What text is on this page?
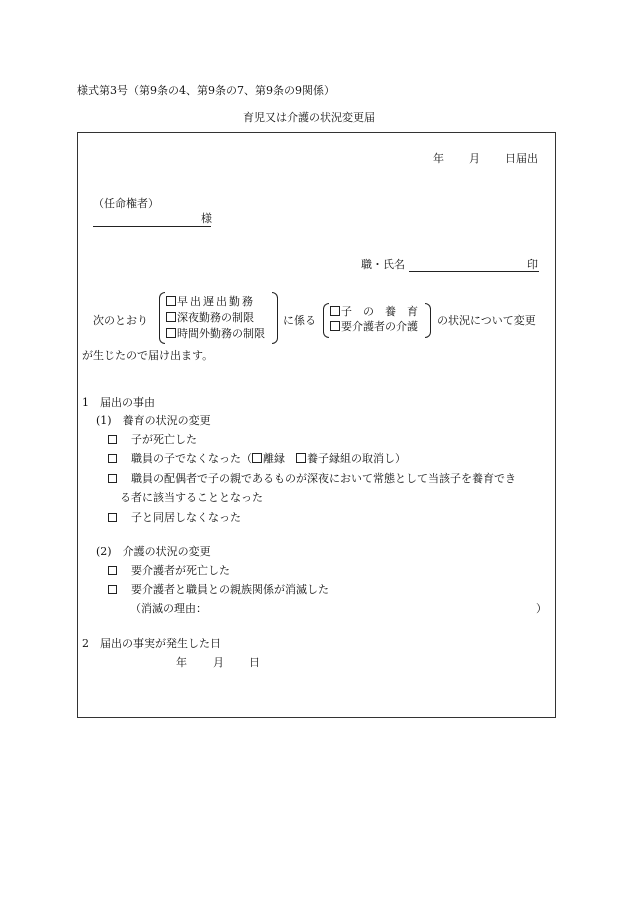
様式第3号（第9条の4、第9条の7、第9条の9関係）
育児又は介護の状況変更届
年 月 日届出
（任命権者）
様
職・氏名	印
次のとおり
早出遅出勤務
深夜勤務の制限
時間外勤務の制限
に係る
子　の　養　育
要介護者の介護 の状況について変更
が生じたので届け出ます。
1　届出の事由
(1)　養育の状況の変更
子が死亡した
職員の子でなくなった（ 離縁　 養子縁組の取消し）
職員の配偶者で子の親であるものが深夜において常態として当該子を養育でき
る者に該当することとなった
子と同居しなくなった
(2)　介護の状況の変更
要介護者が死亡した
要介護者と職員との親族関係が消滅した
（消滅の理由：	）
2　届出の事実が発生した日
年 月 日
